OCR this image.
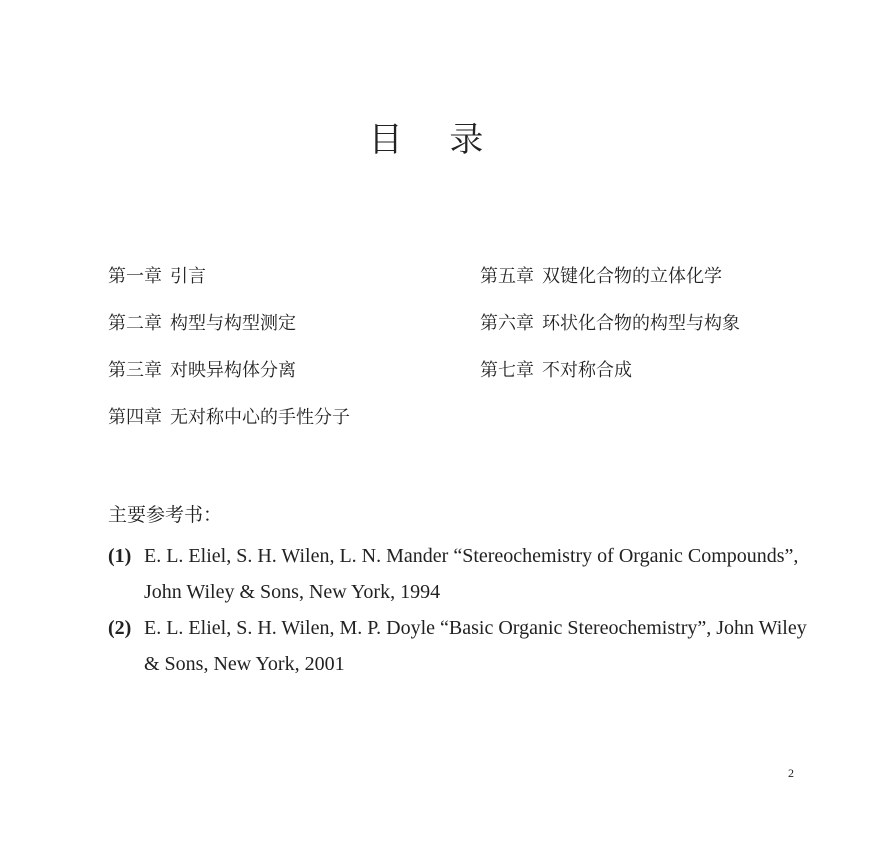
目 录
第一章 引言
第二章 构型与构型测定
第三章 对映异构体分离
第四章 无对称中心的手性分子
第五章 双键化合物的立体化学
第六章 环状化合物的构型与构象
第七章 不对称合成
主要参考书：
(1) E. L. Eliel, S. H. Wilen, L. N. Mander “Stereochemistry of Organic Compounds”, John Wiley & Sons, New York, 1994
(2) E. L. Eliel, S. H. Wilen, M. P. Doyle “Basic Organic Stereochemistry”, John Wiley & Sons, New York, 2001
2
